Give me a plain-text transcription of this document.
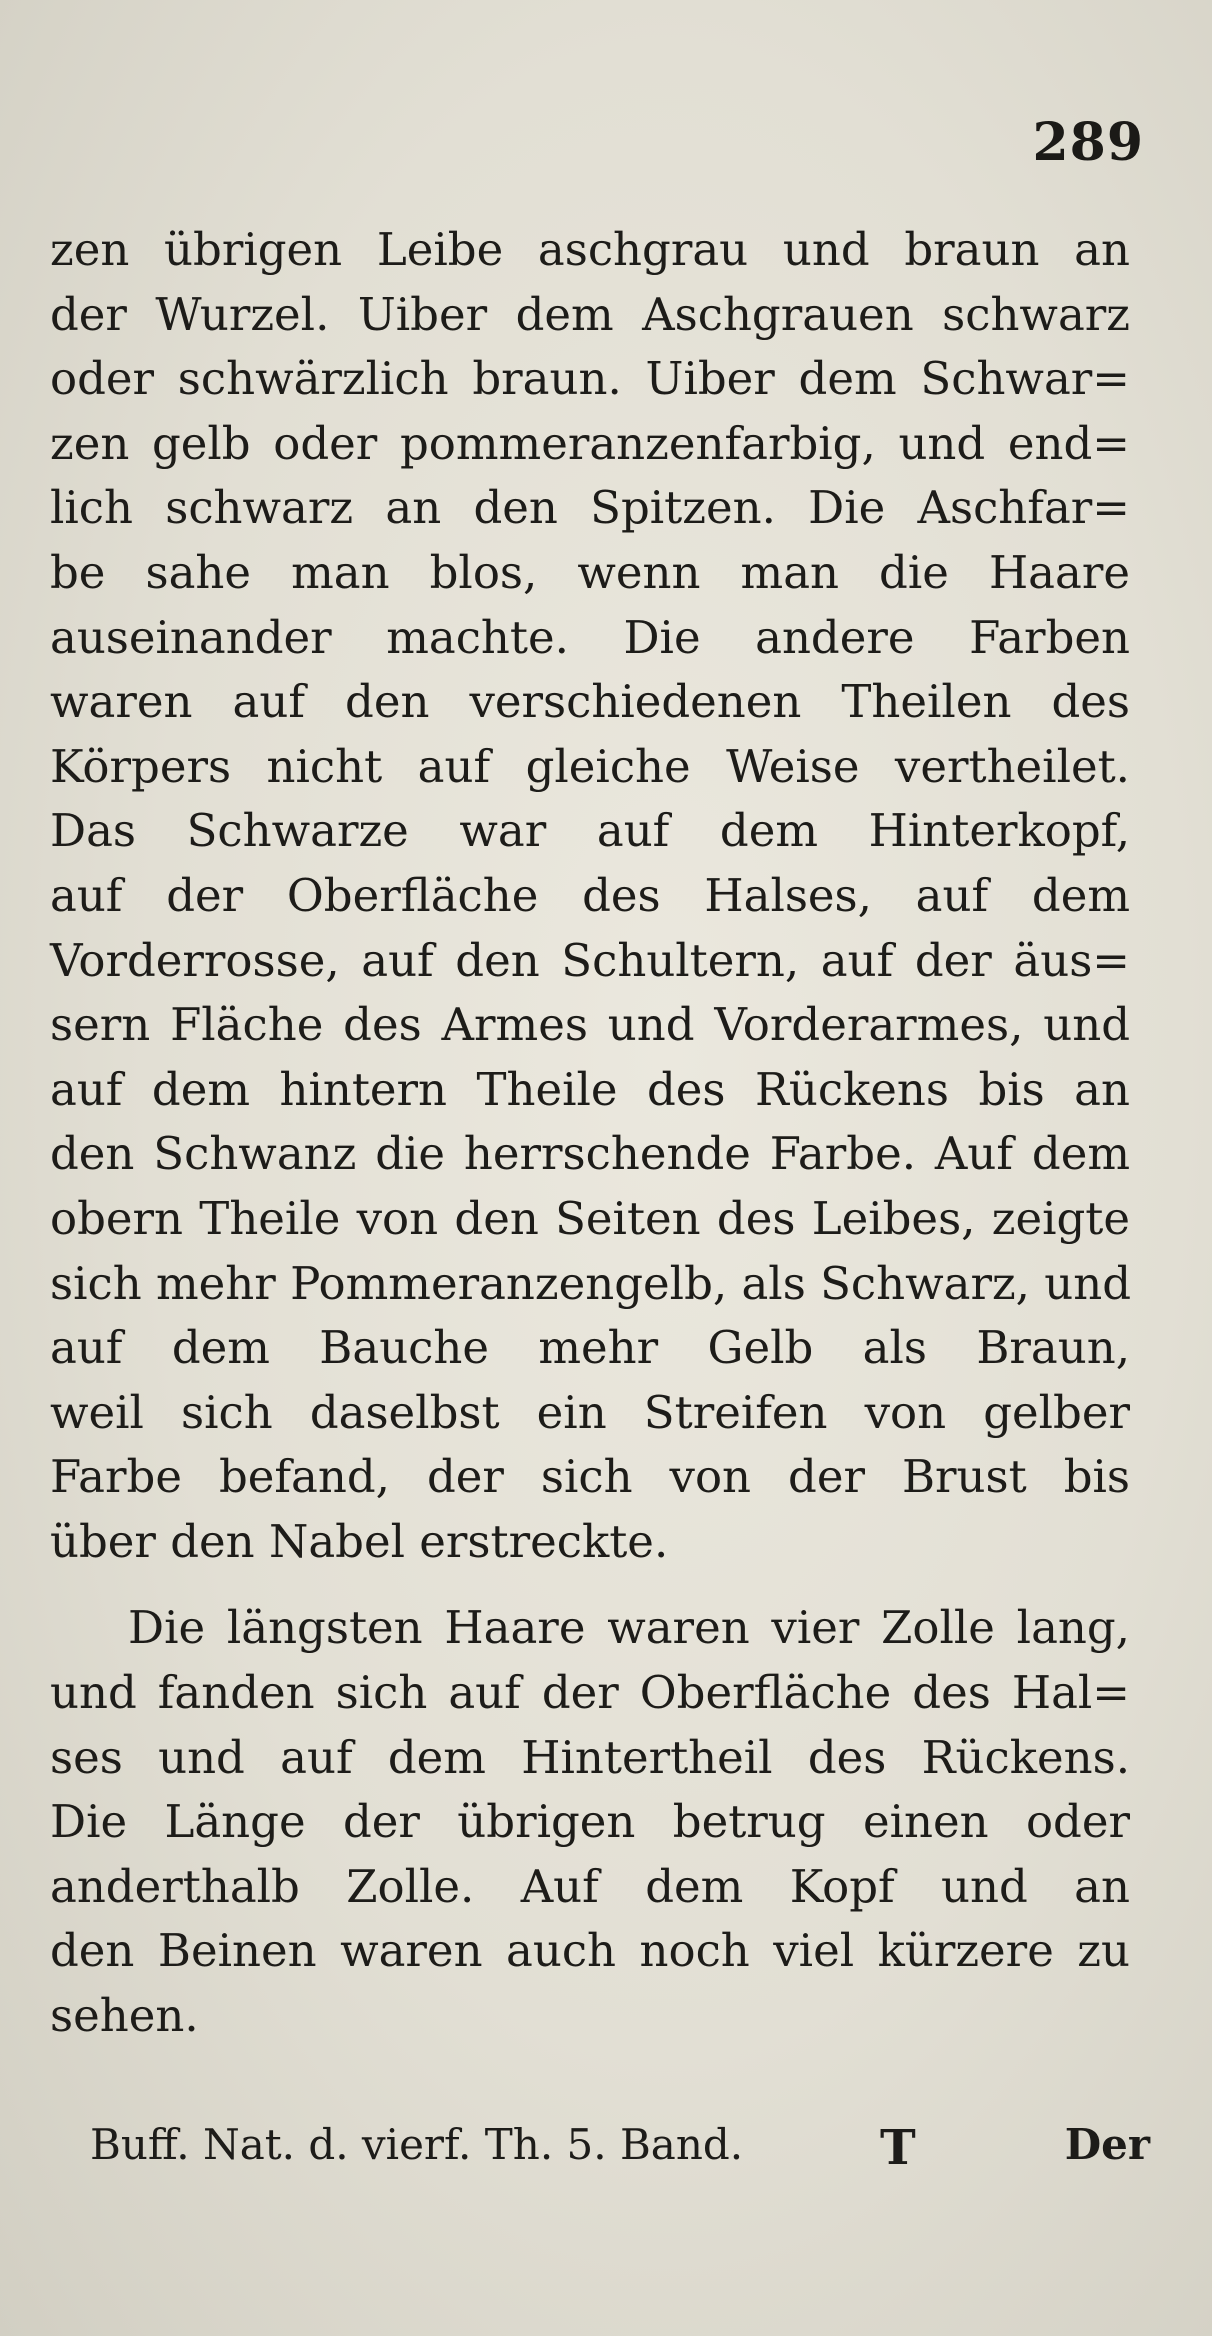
289
zen übrigen Leibe aschgrau und braun an
der Wurzel. Uiber dem Aschgrauen schwarz
oder schwärzlich braun. Uiber dem Schwar=
zen gelb oder pommeranzenfarbig, und end=
lich schwarz an den Spitzen. Die Aschfar=
be sahe man blos, wenn man die Haare
auseinander machte. Die andere Farben
waren auf den verschiedenen Theilen des
Körpers nicht auf gleiche Weise vertheilet.
Das Schwarze war auf dem Hinterkopf,
auf der Oberfläche des Halses, auf dem
Vorderrosse, auf den Schultern, auf der äus=
sern Fläche des Armes und Vorderarmes, und
auf dem hintern Theile des Rückens bis an
den Schwanz die herrschende Farbe. Auf dem
obern Theile von den Seiten des Leibes, zeigte
sich mehr Pommeranzengelb, als Schwarz, und
auf dem Bauche mehr Gelb als Braun,
weil sich daselbst ein Streifen von gelber
Farbe befand, der sich von der Brust bis
über den Nabel erstreckte.
Die längsten Haare waren vier Zolle lang,
und fanden sich auf der Oberfläche des Hal=
ses und auf dem Hintertheil des Rückens.
Die Länge der übrigen betrug einen oder
anderthalb Zolle. Auf dem Kopf und an
den Beinen waren auch noch viel kürzere zu
sehen.
Buff. Nat. d. vierf. Th. 5. Band.	T	Der
